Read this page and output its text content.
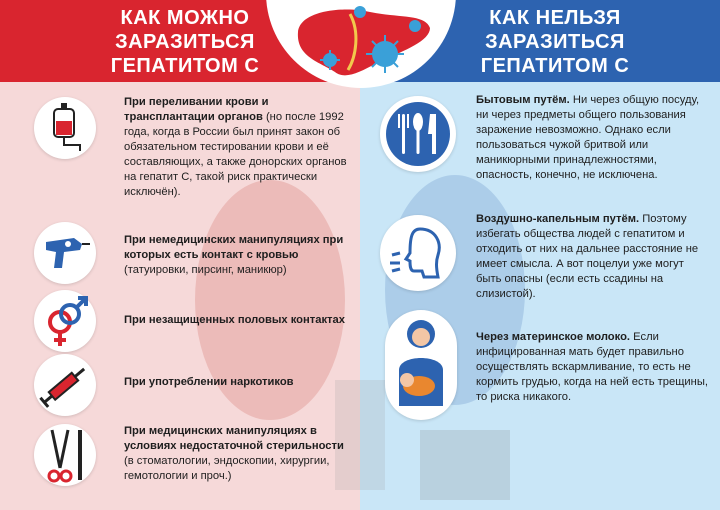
КАК МОЖНО
ЗАРАЗИТЬСЯ
ГЕПАТИТОМ С
КАК НЕЛЬЗЯ
ЗАРАЗИТЬСЯ
ГЕПАТИТОМ С
При переливании крови и трансплантации органов (но после 1992 года, когда в России был принят закон об обязательном тестировании крови и её составляющих, а также донорских органов на гепатит С, такой риск практически исключён).
При немедицинских манипуляциях при которых есть контакт с кровью (татуировки, пирсинг, маникюр)
При незащищенных половых контактах
При употреблении наркотиков
При медицинских манипуляциях в условиях недостаточной стерильности (в стоматологии, эндоскопии, хирургии, гемотологии и проч.)
Бытовым путём. Ни через общую посуду, ни через предметы общего пользования заражение невозможно. Однако если пользоваться чужой бритвой или маникюрными принадлежностями, опасность, конечно, не исключена.
Воздушно-капельным путём. Поэтому избегать общества людей с гепатитом и отходить от них на дальнее расстояние не имеет смысла. А вот поцелуи уже могут быть опасны (если есть ссадины на слизистой).
Через материнское молоко. Если инфицированная мать будет правильно осуществлять вскармливание, то есть не кормить грудью, когда на ней есть трещины, то риска никакого.
